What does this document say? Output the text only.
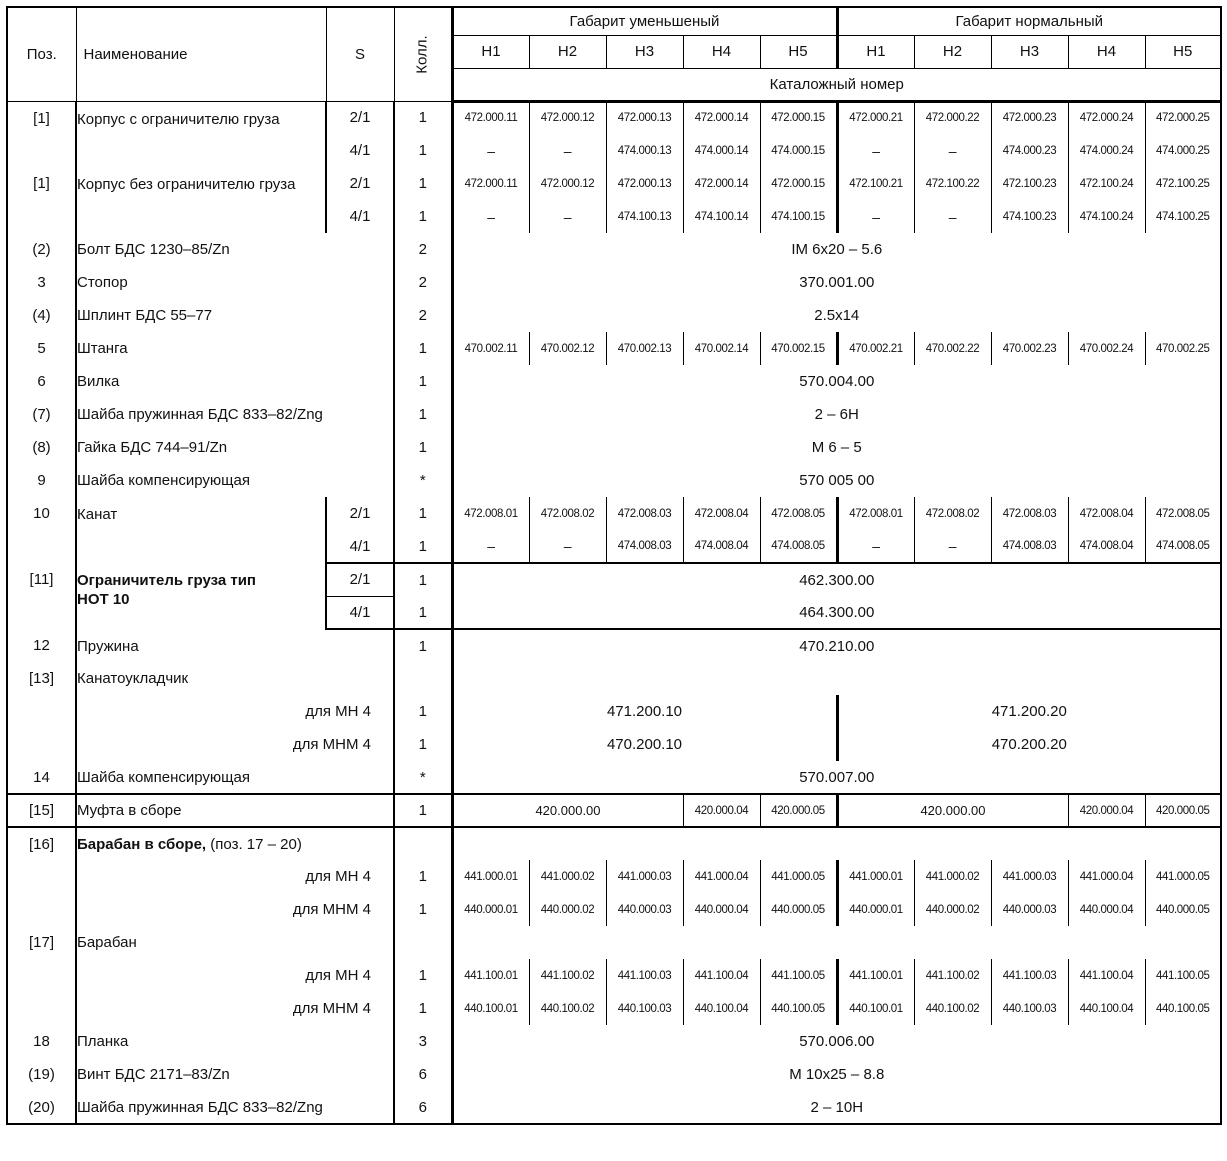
Поз.	Наименование	S	Колл.	Габарит уменьшеный					Габарит нормальный				
				H1	H2	H3	H4	H5	H1	H2	H3	H4	H5
				Каталожный номер									
[1]	Корпус с ограничителю груза	2/1	1	472.000.11	472.000.12	472.000.13	472.000.14	472.000.15	472.000.21	472.000.22	472.000.23	472.000.24	472.000.25
		4/1	1	–	–	474.000.13	474.000.14	474.000.15	–	–	474.000.23	474.000.24	474.000.25
[1]	Корпус без ограничителю груза	2/1	1	472.000.11	472.000.12	472.000.13	472.000.14	472.000.15	472.100.21	472.100.22	472.100.23	472.100.24	472.100.25
		4/1	1	–	–	474.100.13	474.100.14	474.100.15	–	–	474.100.23	474.100.24	474.100.25
(2)	Болт БДС 1230–85/Zn		2	IM 6x20 – 5.6									
3	Стопор		2	370.001.00									
(4)	Шплинт БДС 55–77		2	2.5x14									
5	Штанга		1	470.002.11	470.002.12	470.002.13	470.002.14	470.002.15	470.002.21	470.002.22	470.002.23	470.002.24	470.002.25
6	Вилка		1	570.004.00									
(7)	Шайба пружинная БДС 833–82/Zng		1	2 – 6H									
(8)	Гайка БДС 744–91/Zn		1	M 6 – 5									
9	Шайба компенсирующая		*	570 005 00									
10	Канат	2/1	1	472.008.01	472.008.02	472.008.03	472.008.04	472.008.05	472.008.01	472.008.02	472.008.03	472.008.04	472.008.05
		4/1	1	–	–	474.008.03	474.008.04	474.008.05	–	–	474.008.03	474.008.04	474.008.05
[11]	Ограничитель груза тип НОТ 10	2/1	1	462.300.00									
		4/1	1	464.300.00									
12	Пружина		1	470.210.00									
[13]	Канатоукладчик												
	для МН 4		1	471.200.10					471.200.20				
	для МНМ 4		1	470.200.10					470.200.20				
14	Шайба компенсирующая		*	570.007.00									
[15]	Муфта в сборе		1	420.000.00			420.000.04	420.000.05	420.000.00			420.000.04	420.000.05
[16]	Барабан в сборе, (поз. 17 – 20)												
	для МН 4		1	441.000.01	441.000.02	441.000.03	441.000.04	441.000.05	441.000.01	441.000.02	441.000.03	441.000.04	441.000.05
	для МНМ 4		1	440.000.01	440.000.02	440.000.03	440.000.04	440.000.05	440.000.01	440.000.02	440.000.03	440.000.04	440.000.05
[17]	Барабан												
	для МН 4		1	441.100.01	441.100.02	441.100.03	441.100.04	441.100.05	441.100.01	441.100.02	441.100.03	441.100.04	441.100.05
	для МНМ 4		1	440.100.01	440.100.02	440.100.03	440.100.04	440.100.05	440.100.01	440.100.02	440.100.03	440.100.04	440.100.05
18	Планка		3	570.006.00									
(19)	Винт БДС 2171–83/Zn		6	M 10x25 – 8.8									
(20)	Шайба пружинная БДС 833–82/Zng		6	2 – 10H									
